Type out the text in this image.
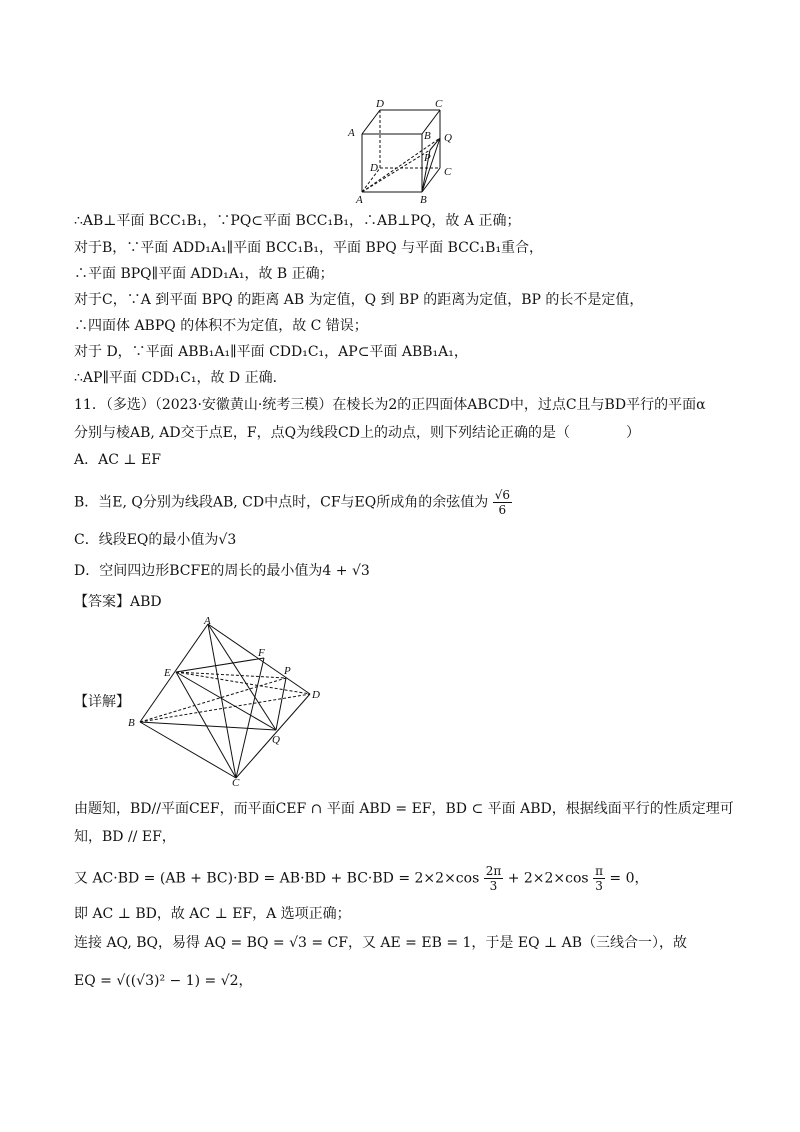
D	C
A	B Q
P
D	C
A	B
∴AB⊥平面 BCC₁B₁，∵PQ⊂平面 BCC₁B₁，∴AB⊥PQ，故 A 正确；
对于B，∵平面 ADD₁A₁∥平面 BCC₁B₁，平面 BPQ 与平面 BCC₁B₁重合，
∴平面 BPQ∥平面 ADD₁A₁，故 B 正确；
对于C，∵A 到平面 BPQ 的距离 AB 为定值，Q 到 BP 的距离为定值，BP 的长不是定值，
∴四面体 ABPQ 的体积不为定值，故 C 错误；
对于 D，∵平面 ABB₁A₁∥平面 CDD₁C₁，AP⊂平面 ABB₁A₁，
∴AP∥平面 CDD₁C₁，故 D 正确．
11．（多选）（2023·安徽黄山·统考三模）在棱长为2的正四面体ABCD中，过点C且与BD平行的平面α
分别与棱AB, AD交于点E，F，点Q为线段CD上的动点，则下列结论正确的是（　　　　）
A．AC ⊥ EF
B．当E, Q分别为线段AB, CD中点时，CF与EQ所成角的余弦值为 $\frac{√6}{6}$
C．线段EQ的最小值为√3
D．空间四边形BCFE的周长的最小值为4 + √3
【答案】ABD
【详解】
A
E
F
P
D
B
Q
C
由题知，BD//平面CEF，而平面CEF ∩ 平面 ABD = EF，BD ⊂ 平面 ABD，根据线面平行的性质定理可
知，BD // EF，
又 $AC\cdot BD = (AB + BC)\cdot BD = AB\cdot BD + BC\cdot BD = 2\times 2\times\cos \frac{2\pi}{3} + 2\times 2\times\cos \frac{\pi}{3} = 0$，
即 AC ⊥ BD，故 AC ⊥ EF，A 选项正确；
连接 AQ, BQ，易得 AQ = BQ = √3 = CF，又 AE = EB = 1，于是 EQ ⊥ AB（三线合一），故
EQ = √((√3)² − 1) = √2，
